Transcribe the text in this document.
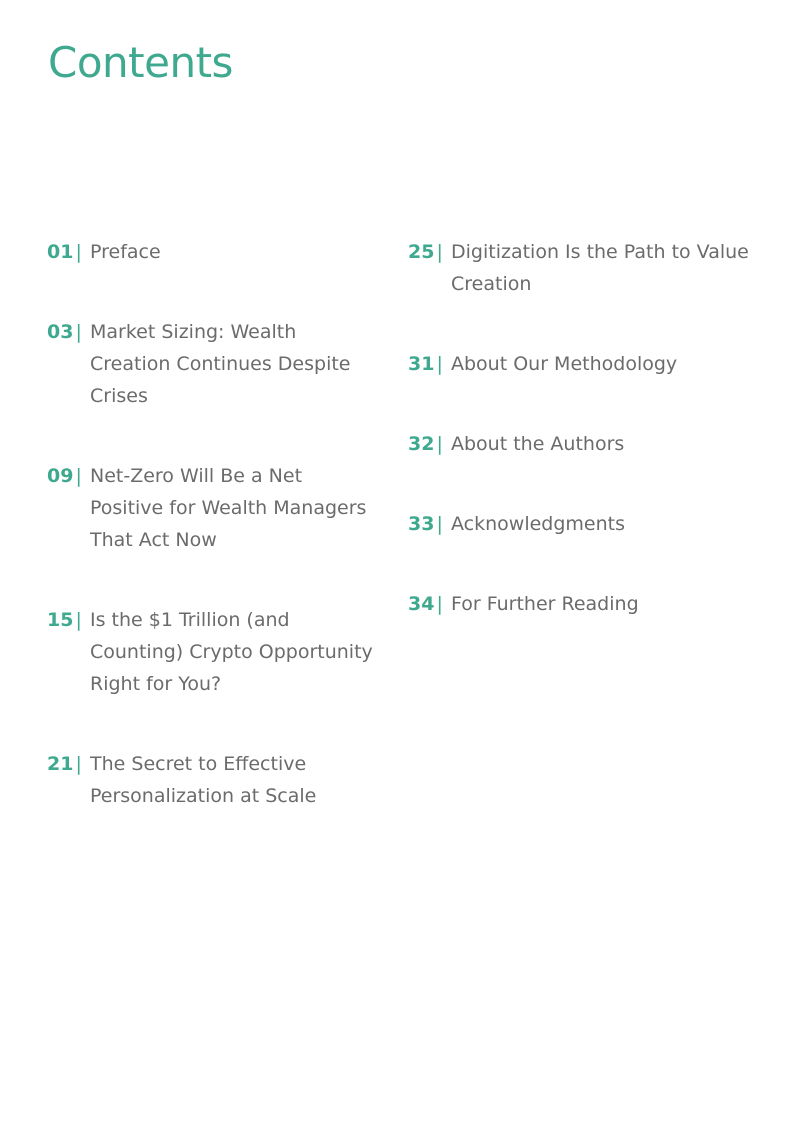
Contents
01 | Preface
03 | Market Sizing: Wealth Creation Continues Despite Crises
09 | Net-Zero Will Be a Net Positive for Wealth Managers That Act Now
15 | Is the $1 Trillion (and Counting) Crypto Opportunity Right for You?
21 | The Secret to Effective Personalization at Scale
25 | Digitization Is the Path to Value Creation
31 | About Our Methodology
32 | About the Authors
33 | Acknowledgments
34 | For Further Reading
